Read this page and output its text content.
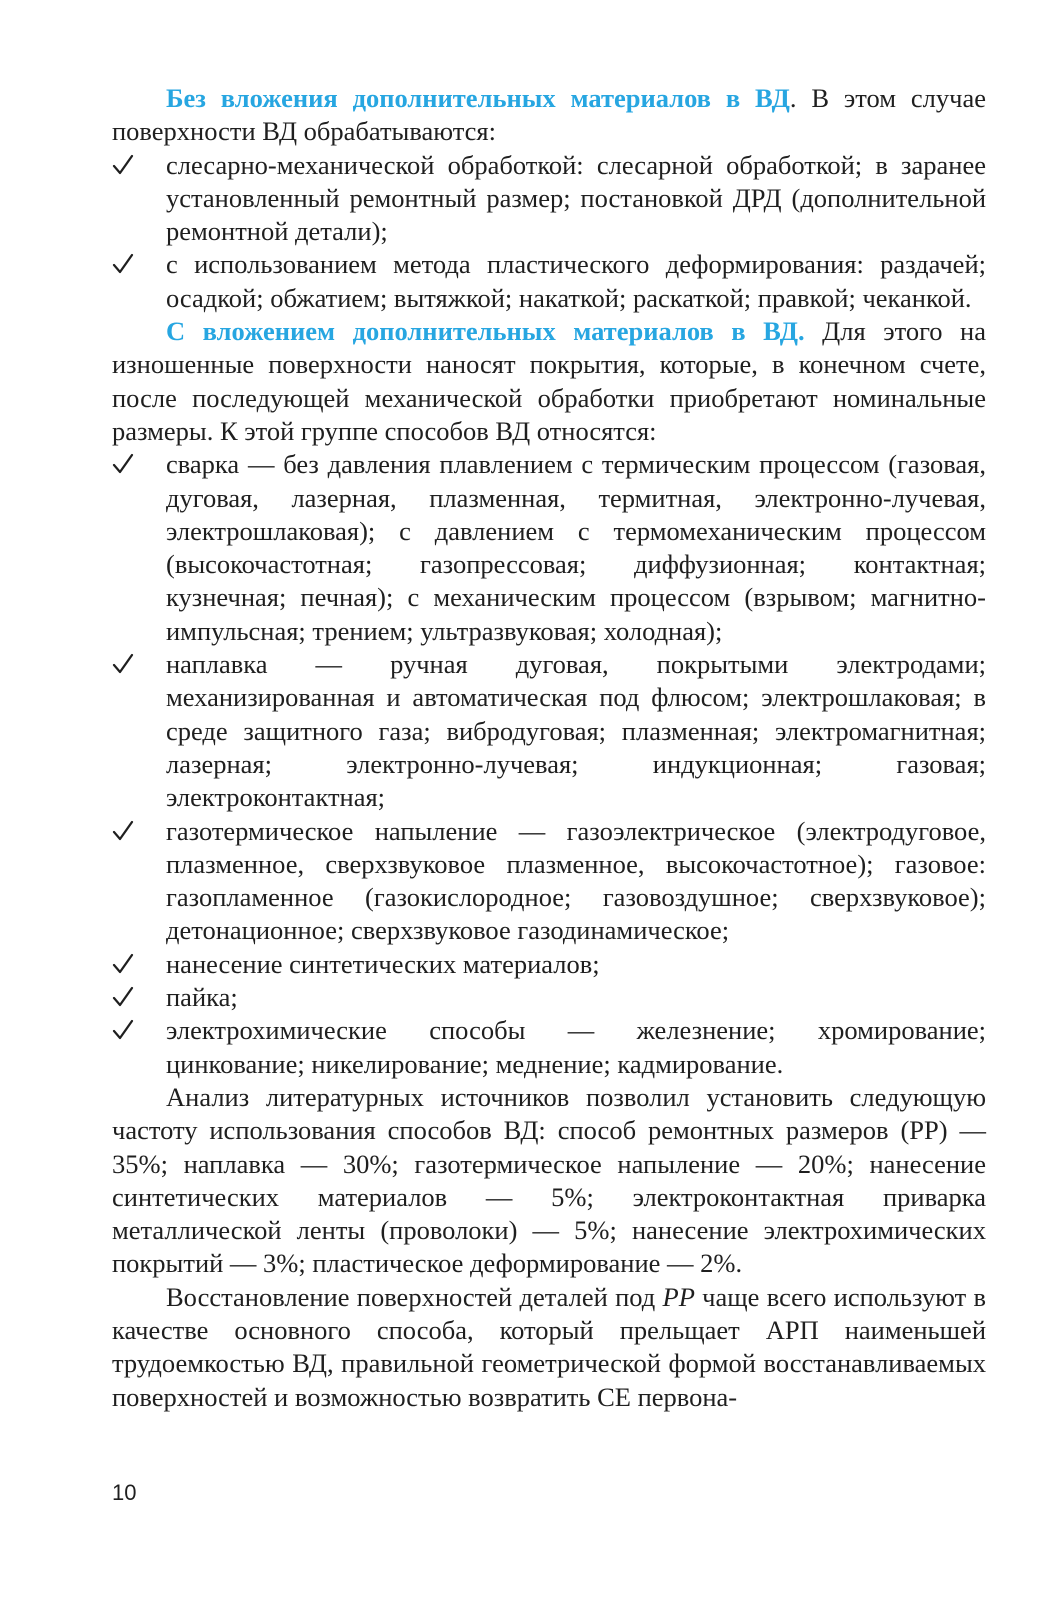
Без вложения дополнительных материалов в ВД. В этом случае поверхности ВД обрабатываются:

слесарно-механической обработкой: слесарной обработкой; в заранее установленный ремонтный размер; постановкой ДРД (дополнительной ремонтной детали);
с использованием метода пластического деформирования: раздачей; осадкой; обжатием; вытяжкой; накаткой; раскаткой; правкой; чеканкой.

С вложением дополнительных материалов в ВД. Для этого на изношенные поверхности наносят покрытия, которые, в конечном счете, после последующей механической обработки приобретают номинальные размеры. К этой группе способов ВД относятся:

сварка — без давления плавлением с термическим процессом (газовая, дуговая, лазерная, плазменная, термитная, электронно-лучевая, электрошлаковая); с давлением с термомеханическим процессом (высокочастотная; газопрессовая; диффузионная; контактная; кузнечная; печная); с механическим процессом (взрывом; магнитно-импульсная; трением; ультразвуковая; холодная);
наплавка — ручная дуговая, покрытыми электродами; механизированная и автоматическая под флюсом; электрошлаковая; в среде защитного газа; вибродуговая; плазменная; электромагнитная; лазерная; электронно-лучевая; индукционная; газовая; электроконтактная;
газотермическое напыление — газоэлектрическое (электродуговое, плазменное, сверхзвуковое плазменное, высокочастотное); газовое: газопламенное (газокислородное; газовоздушное; сверхзвуковое); детонационное; сверхзвуковое газодинамическое;
нанесение синтетических материалов;
пайка;
электрохимические способы — железнение; хромирование; цинкование; никелирование; меднение; кадмирование.

Анализ литературных источников позволил установить следующую частоту использования способов ВД: способ ремонтных размеров (РР) — 35%; наплавка — 30%; газотермическое напыление — 20%; нанесение синтетических материалов — 5%; электроконтактная приварка металлической ленты (проволоки) — 5%; нанесение электрохимических покрытий — 3%; пластическое деформирование — 2%.

Восстановление поверхностей деталей под РР чаще всего используют в качестве основного способа, который прельщает АРП наименьшей трудоемкостью ВД, правильной геометрической формой восстанавливаемых поверхностей и возможностью возвратить СЕ первона-

10
